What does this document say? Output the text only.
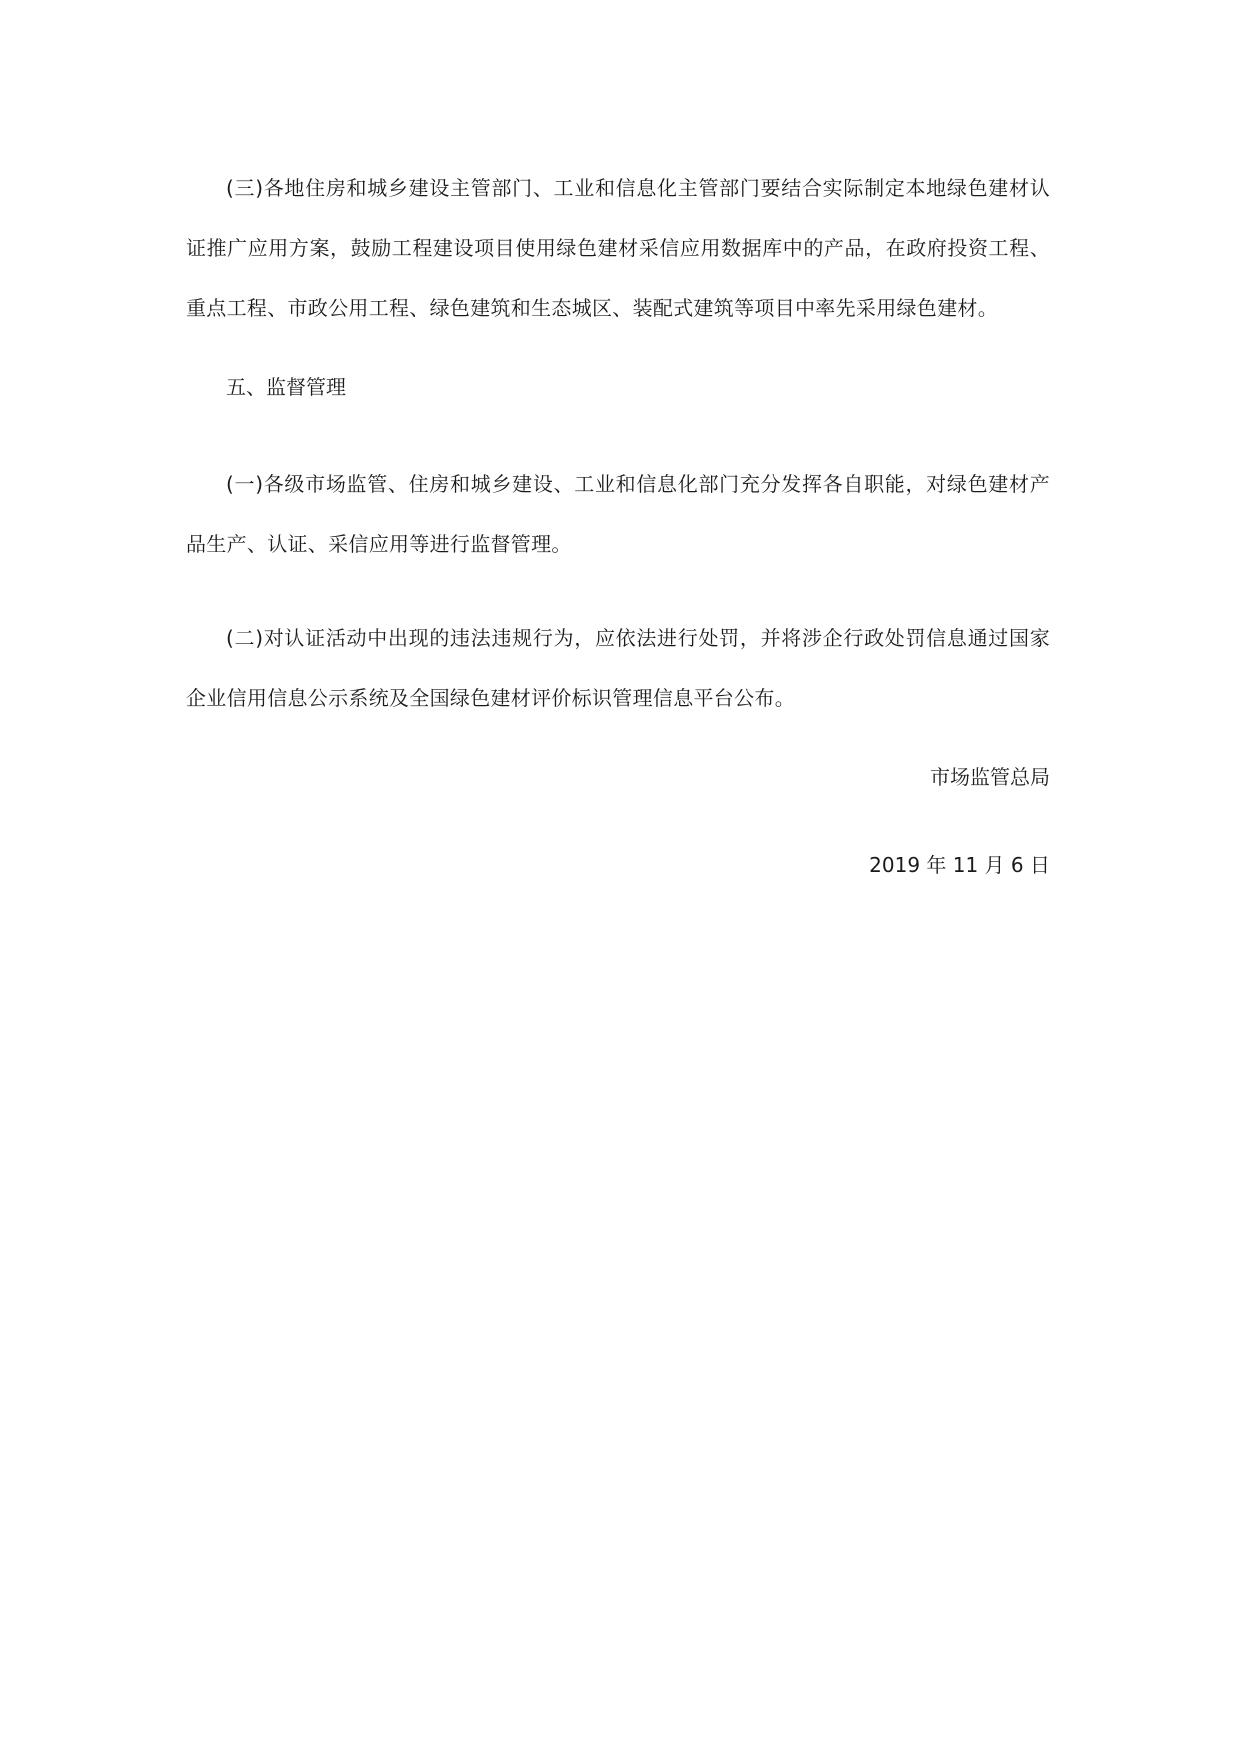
(三)各地住房和城乡建设主管部门、工业和信息化主管部门要结合实际制定本地绿色建材认证推广应用方案，鼓励工程建设项目使用绿色建材采信应用数据库中的产品，在政府投资工程、重点工程、市政公用工程、绿色建筑和生态城区、装配式建筑等项目中率先采用绿色建材。

五、监督管理

(一)各级市场监管、住房和城乡建设、工业和信息化部门充分发挥各自职能，对绿色建材产品生产、认证、采信应用等进行监督管理。

(二)对认证活动中出现的违法违规行为，应依法进行处罚，并将涉企行政处罚信息通过国家企业信用信息公示系统及全国绿色建材评价标识管理信息平台公布。

市场监管总局
2019 年 11 月 6 日
